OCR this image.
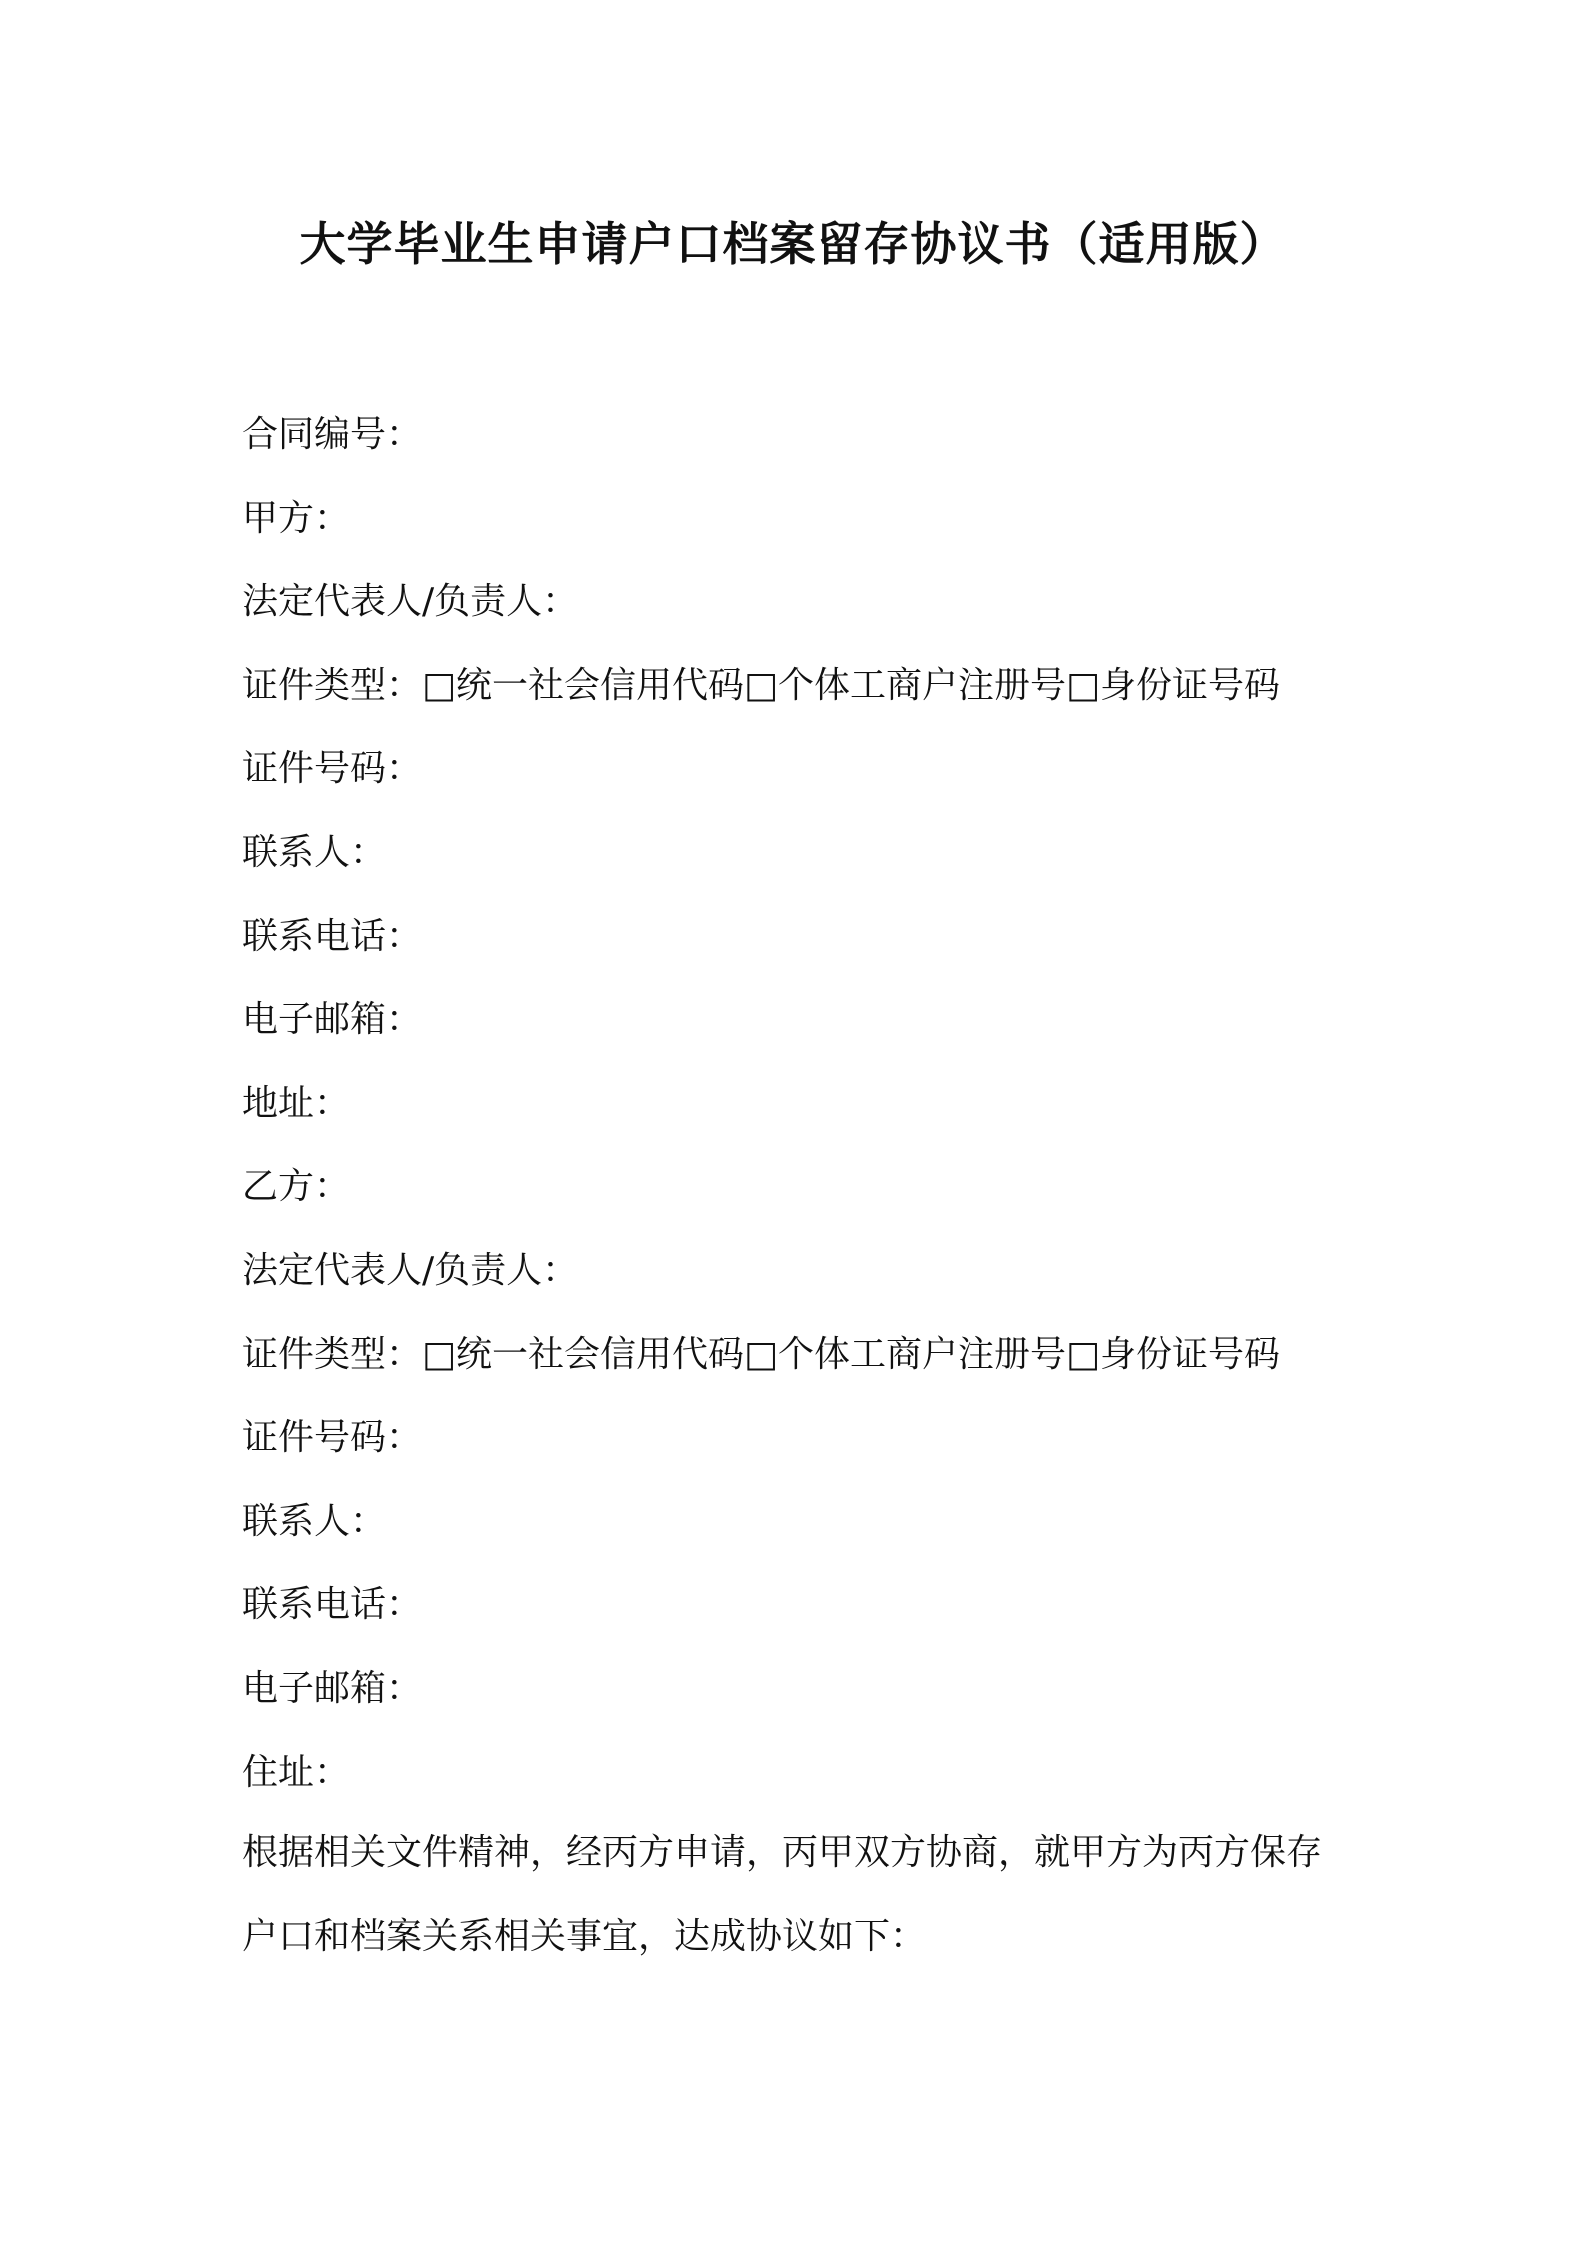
大学毕业生申请户口档案留存协议书（适用版）
合同编号：
甲方：
法定代表人/负责人：
证件类型：□统一社会信用代码□个体工商户注册号□身份证号码
证件号码：
联系人：
联系电话：
电子邮箱：
地址：
乙方：
法定代表人/负责人：
证件类型：□统一社会信用代码□个体工商户注册号□身份证号码
证件号码：
联系人：
联系电话：
电子邮箱：
住址：
根据相关文件精神，经丙方申请，丙甲双方协商，就甲方为丙方保存
户口和档案关系相关事宜，达成协议如下：
